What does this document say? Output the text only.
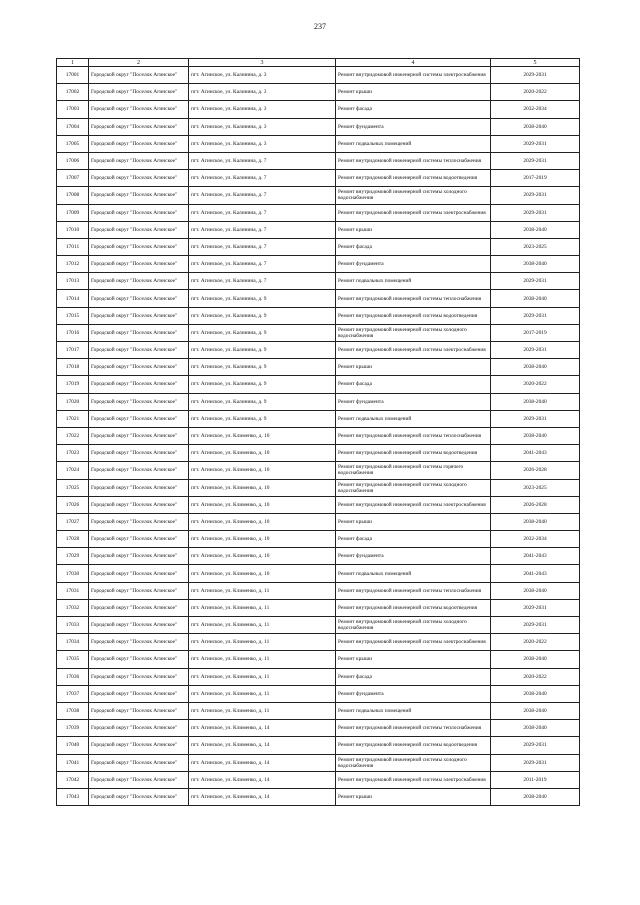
237
1	2	3	4	5
17001	Городской округ "Поселок Агинское"	пгт. Агинское, ул. Калинина, д. 3	Ремонт внутридомовой инженерной системы электроснабжения	2029-2031
17002	Городской округ "Поселок Агинское"	пгт. Агинское, ул. Калинина, д. 3	Ремонт крыши	2020-2022
17003	Городской округ "Поселок Агинское"	пгт. Агинское, ул. Калинина, д. 3	Ремонт фасада	2032-2034
17004	Городской округ "Поселок Агинское"	пгт. Агинское, ул. Калинина, д. 3	Ремонт фундамента	2038-2040
17005	Городской округ "Поселок Агинское"	пгт. Агинское, ул. Калинина, д. 3	Ремонт подвальных помещений	2029-2031
17006	Городской округ "Поселок Агинское"	пгт. Агинское, ул. Калинина, д. 7	Ремонт внутридомовой инженерной системы теплоснабжения	2029-2031
17007	Городской округ "Поселок Агинское"	пгт. Агинское, ул. Калинина, д. 7	Ремонт внутридомовой инженерной системы водоотведения	2017-2019
17008	Городской округ "Поселок Агинское"	пгт. Агинское, ул. Калинина, д. 7	Ремонт внутридомовой инженерной системы холодного водоснабжения	2029-2031
17009	Городской округ "Поселок Агинское"	пгт. Агинское, ул. Калинина, д. 7	Ремонт внутридомовой инженерной системы электроснабжения	2029-2031
17010	Городской округ "Поселок Агинское"	пгт. Агинское, ул. Калинина, д. 7	Ремонт крыши	2038-2040
17011	Городской округ "Поселок Агинское"	пгт. Агинское, ул. Калинина, д. 7	Ремонт фасада	2023-2025
17012	Городской округ "Поселок Агинское"	пгт. Агинское, ул. Калинина, д. 7	Ремонт фундамента	2038-2040
17013	Городской округ "Поселок Агинское"	пгт. Агинское, ул. Калинина, д. 7	Ремонт подвальных помещений	2029-2031
17014	Городской округ "Поселок Агинское"	пгт. Агинское, ул. Калинина, д. 9	Ремонт внутридомовой инженерной системы теплоснабжения	2038-2040
17015	Городской округ "Поселок Агинское"	пгт. Агинское, ул. Калинина, д. 9	Ремонт внутридомовой инженерной системы водоотведения	2029-2031
17016	Городской округ "Поселок Агинское"	пгт. Агинское, ул. Калинина, д. 9	Ремонт внутридомовой инженерной системы холодного водоснабжения	2017-2019
17017	Городской округ "Поселок Агинское"	пгт. Агинское, ул. Калинина, д. 9	Ремонт внутридомовой инженерной системы электроснабжения	2029-2031
17018	Городской округ "Поселок Агинское"	пгт. Агинское, ул. Калинина, д. 9	Ремонт крыши	2038-2040
17019	Городской округ "Поселок Агинское"	пгт. Агинское, ул. Калинина, д. 9	Ремонт фасада	2020-2022
17020	Городской округ "Поселок Агинское"	пгт. Агинское, ул. Калинина, д. 9	Ремонт фундамента	2038-2040
17021	Городской округ "Поселок Агинское"	пгт. Агинское, ул. Калинина, д. 9	Ремонт подвальных помещений	2029-2031
17022	Городской округ "Поселок Агинское"	пгт. Агинское, ул. Клименко, д. 10	Ремонт внутридомовой инженерной системы теплоснабжения	2038-2040
17023	Городской округ "Поселок Агинское"	пгт. Агинское, ул. Клименко, д. 10	Ремонт внутридомовой инженерной системы водоотведения	2041-2043
17024	Городской округ "Поселок Агинское"	пгт. Агинское, ул. Клименко, д. 10	Ремонт внутридомовой инженерной системы горячего водоснабжения	2026-2028
17025	Городской округ "Поселок Агинское"	пгт. Агинское, ул. Клименко, д. 10	Ремонт внутридомовой инженерной системы холодного водоснабжения	2023-2025
17026	Городской округ "Поселок Агинское"	пгт. Агинское, ул. Клименко, д. 10	Ремонт внутридомовой инженерной системы электроснабжения	2026-2028
17027	Городской округ "Поселок Агинское"	пгт. Агинское, ул. Клименко, д. 10	Ремонт крыши	2038-2040
17028	Городской округ "Поселок Агинское"	пгт. Агинское, ул. Клименко, д. 10	Ремонт фасада	2032-2034
17029	Городской округ "Поселок Агинское"	пгт. Агинское, ул. Клименко, д. 10	Ремонт фундамента	2041-2043
17030	Городской округ "Поселок Агинское"	пгт. Агинское, ул. Клименко, д. 10	Ремонт подвальных помещений	2041-2043
17031	Городской округ "Поселок Агинское"	пгт. Агинское, ул. Клименко, д. 11	Ремонт внутридомовой инженерной системы теплоснабжения	2038-2040
17032	Городской округ "Поселок Агинское"	пгт. Агинское, ул. Клименко, д. 11	Ремонт внутридомовой инженерной системы водоотведения	2029-2031
17033	Городской округ "Поселок Агинское"	пгт. Агинское, ул. Клименко, д. 11	Ремонт внутридомовой инженерной системы холодного водоснабжения	2029-2031
17034	Городской округ "Поселок Агинское"	пгт. Агинское, ул. Клименко, д. 11	Ремонт внутридомовой инженерной системы электроснабжения	2020-2022
17035	Городской округ "Поселок Агинское"	пгт. Агинское, ул. Клименко, д. 11	Ремонт крыши	2038-2040
17036	Городской округ "Поселок Агинское"	пгт. Агинское, ул. Клименко, д. 11	Ремонт фасада	2020-2022
17037	Городской округ "Поселок Агинское"	пгт. Агинское, ул. Клименко, д. 11	Ремонт фундамента	2038-2040
17038	Городской округ "Поселок Агинское"	пгт. Агинское, ул. Клименко, д. 11	Ремонт подвальных помещений	2038-2040
17039	Городской округ "Поселок Агинское"	пгт. Агинское, ул. Клименко, д. 14	Ремонт внутридомовой инженерной системы теплоснабжения	2038-2040
17040	Городской округ "Поселок Агинское"	пгт. Агинское, ул. Клименко, д. 14	Ремонт внутридомовой инженерной системы водоотведения	2029-2031
17041	Городской округ "Поселок Агинское"	пгт. Агинское, ул. Клименко, д. 14	Ремонт внутридомовой инженерной системы холодного водоснабжения	2029-2031
17042	Городской округ "Поселок Агинское"	пгт. Агинское, ул. Клименко, д. 14	Ремонт внутридомовой инженерной системы электроснабжения	2011-2019
17043	Городской округ "Поселок Агинское"	пгт. Агинское, ул. Клименко, д. 14	Ремонт крыши	2038-2040
